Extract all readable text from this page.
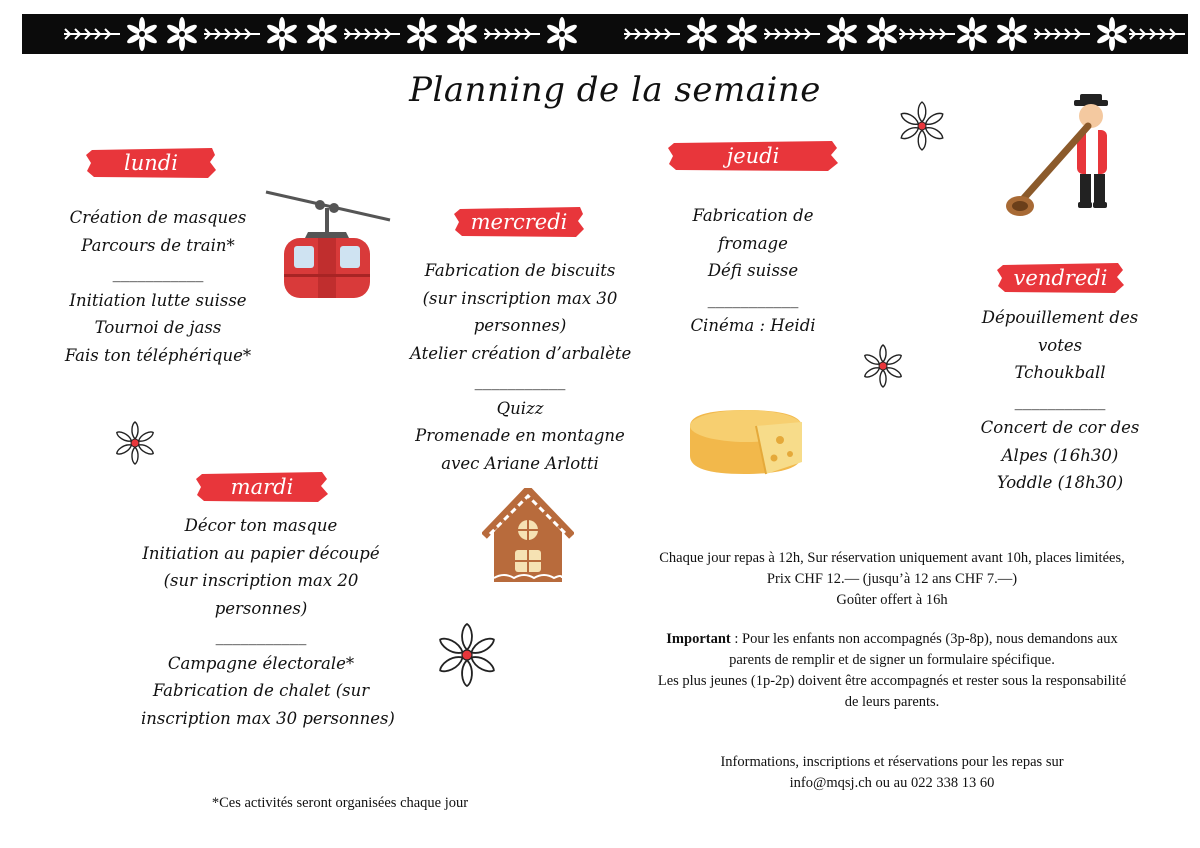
Planning de la semaine
lundi
mardi
mercredi
jeudi
vendredi
Création de masques
Parcours de train*
___________
Initiation lutte suisse
Tournoi de jass
Fais ton téléphérique*
Décor ton masque
Initiation au papier découpé
(sur inscription max 20
personnes)
___________
Campagne électorale*
Fabrication de chalet (sur
inscription max 30 personnes)
Fabrication de biscuits
(sur inscription max 30
personnes)
Atelier création d’arbalète
___________
Quizz
Promenade en montagne
avec Ariane Arlotti
Fabrication de
fromage
Défi suisse
___________
Cinéma : Heidi	Dépouillement des
votes
Tchoukball
___________
Concert de cor des
Alpes (16h30)
Yoddle (18h30)
Chaque jour repas à 12h, Sur réservation uniquement avant 10h, places limitées,
Prix CHF 12.— (jusqu’à 12 ans CHF 7.—)
Goûter offert à 16h
Important : Pour les enfants non accompagnés (3p-8p), nous demandons aux
parents de remplir et de signer un formulaire spécifique.
Les plus jeunes (1p-2p) doivent être accompagnés et rester sous la responsabilité
de leurs parents.
Informations, inscriptions et réservations pour les repas sur
info@mqsj.ch ou au 022 338 13 60
*Ces activités seront organisées chaque jour
